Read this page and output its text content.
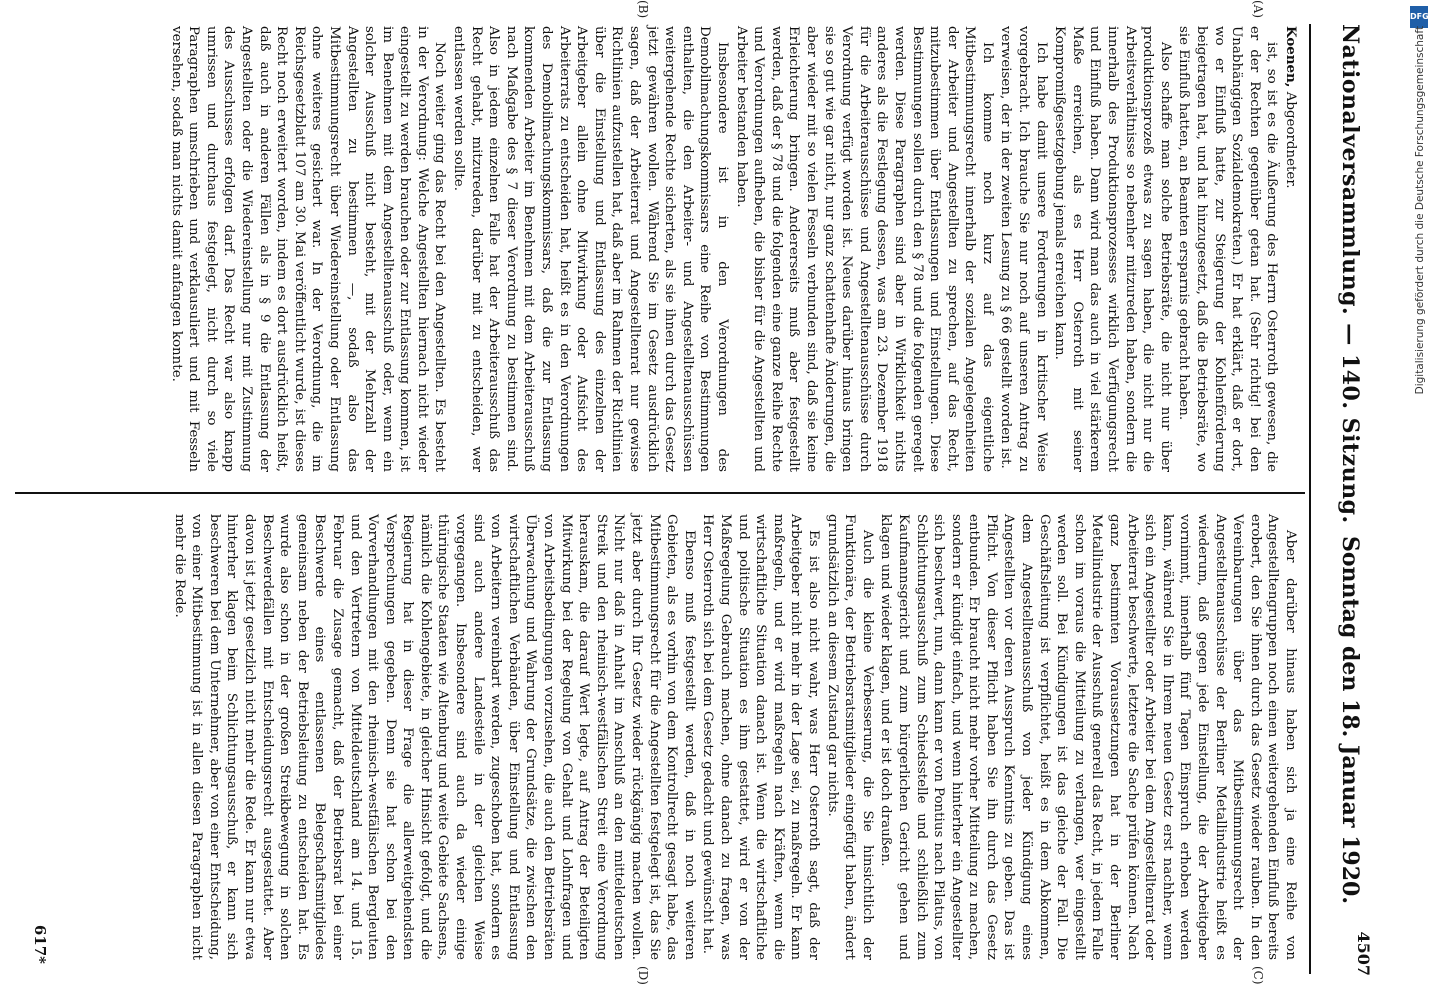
DFG
Digitalisierung gefördert durch die Deutsche Forschungsgemeinschaft
Nationalversammlung. — 140. Sitzung.
Sonntag den 18. Januar 1920.
4507
(A)
(B)
(C)
(D)

Koenen, Abgeordneter.

ist, so ist es die Äußerung des Herrn Osterroth gewesen, die er der Rechten gegenüber getan hat. (Sehr richtig! bei den Unabhängigen Sozialdemokraten.) Er hat erklärt, daß er dort, wo er Einfluß hatte, zur Steigerung der Kohlenförderung beigetragen hat, und hat hinzugesetzt, daß die Betriebsräte, wo sie Einfluß hatten, an Beamten ersparnis gebracht haben.

Also schaffe man solche Betriebsräte, die nicht nur über produktionsprozeß etwas zu sagen haben, die nicht nur die Arbeitsverhältnisse so nebenher mitzureden haben, sondern die innerhalb des Produktionsprozesses wirklich Verfügungsrecht und Einfluß haben. Dann wird man das auch in viel stärkerem Maße erreichen, als es Herr Osterroth mit seiner Kompromißgesetzgebung jemals erreichen kann.

Ich habe damit unsere Forderungen in kritischer Weise vorgebracht. Ich brauche Sie nur noch auf unseren Antrag zu verweisen, der in der zweiten Lesung zu § 66 gestellt worden ist.

Ich komme noch kurz auf das eigentliche Mitbestimmungsrecht innerhalb der sozialen Angelegenheiten der Arbeiter und Angestellten zu sprechen, auf das Recht, mitzubestimmen über Entlassungen und Einstellungen. Diese Bestimmungen sollen durch den § 78 und die folgenden geregelt werden. Diese Paragraphen sind aber in Wirklichkeit nichts anderes als die Festlegung dessen, was am 23. Dezember 1918 für die Arbeiterausschüsse und Angestelltenausschüsse durch Verordnung verfügt worden ist. Neues darüber hinaus bringen sie so gut wie gar nicht, nur ganz schattenhafte Änderungen, die aber wieder mit so vielen Fesseln verbunden sind, daß sie keine Erleichterung bringen. Andererseits muß aber festgestellt werden, daß der § 78 und die folgenden eine ganze Reihe Rechte und Verordnungen aufheben, die bisher für die Angestellten und Arbeiter bestanden haben.

Insbesondere ist in den Verordnungen des Demobilmachungskommissars eine Reihe von Bestimmungen enthalten, die den Arbeiter- und Angestelltenausschüssen weitergehende Rechte sicherten, als sie ihnen durch das Gesetz jetzt gewähren wollen. Während Sie im Gesetz ausdrücklich sagen, daß der Arbeiterrat und Angestelltenrat nur gewisse Richtlinien aufzustellen hat, daß aber im Rahmen der Richtlinien über die Einstellung und Entlassung des einzelnen der Arbeitgeber allein ohne Mitwirkung oder Aufsicht des Arbeiterrats zu entscheiden hat, heißt es in den Verordnungen des Demobilmachungskommissars, daß die zur Entlassung kommenden Arbeiter im Benehmen mit dem Arbeiterausschuß nach Maßgabe des § 7 dieser Verordnung zu bestimmen sind. Also in jedem einzelnen Falle hat der Arbeiterausschuß das Recht gehabt, mitzureden, darüber mit zu entscheiden, wer entlassen werden sollte.

Noch weiter ging das Recht bei den Angestellten. Es besteht in der Verordnung: Welche Angestellten hiernach nicht wieder eingestellt zu werden brauchen oder zur Entlassung kommen, ist im Benehmen mit dem Angestelltenausschuß oder, wenn ein solcher Ausschuß nicht besteht, mit der Mehrzahl der Angestellten zu bestimmen —, sodaß also das Mitbestimmungsrecht über Wiedereinstellung oder Entlassung ohne weiteres gesichert war. In der Verordnung, die im Reichsgesetzblatt 107 am 30. Mai veröffentlicht wurde, ist dieses Recht noch erweitert worden, indem es dort ausdrücklich heißt, daß auch in anderen Fällen als in § 9 die Entlassung der Angestellten oder die Wiedereinstellung nur mit Zustimmung des Ausschusses erfolgen darf. Das Recht war also knapp umrissen und durchaus festgelegt, nicht durch so viele Paragraphen umschrieben und verklausuliert und mit Fesseln versehen, sodaß man nichts damit anfangen konnte.

Aber darüber hinaus haben sich ja eine Reihe von Angestelltengruppen noch einen weitergehenden Einfluß bereits erobert, den Sie ihnen durch das Gesetz wieder rauben. In den Vereinbarungen über das Mitbestimmungsrecht der Angestelltenausschüsse der Berliner Metallindustrie heißt es wiederum, daß gegen jede Einstellung, die der Arbeitgeber vornimmt, innerhalb fünf Tagen Einspruch erhoben werden kann, während Sie in Ihrem neuen Gesetz erst nachher, wenn sich ein Angestellter oder Arbeiter bei dem Angestelltenrat oder Arbeiterrat beschwerte, letztere die Sache prüfen können. Nach ganz bestimmten Voraussetzungen hat in der Berliner Metallindustrie der Ausschuß generell das Recht, in jedem Falle schon im voraus die Mitteilung zu verlangen, wer eingestellt werden soll. Bei Kündigungen ist das gleiche der Fall. Die Geschäftsleitung ist verpflichtet, heißt es in dem Abkommen, dem Angestelltenausschuß von jeder Kündigung eines Angestellten vor deren Ausspruch Kenntnis zu geben. Das ist Pflicht. Von dieser Pflicht haben Sie ihn durch das Gesetz entbunden. Er braucht nicht mehr vorher Mitteilung zu machen, sondern er kündigt einfach, und wenn hinterher ein Angestellter sich beschwert, nun, dann kann er von Pontius nach Pilatus, von Schlichtungsausschuß zum Schiedsstelle und schließlich zum Kaufmannsgericht und zum bürgerlichen Gericht gehen und klagen und wieder klagen, und er ist doch draußen.

Auch die kleine Verbesserung, die Sie hinsichtlich der Funktionäre, der Betriebsratsmitglieder eingefügt haben, ändert grundsätzlich an diesem Zustand gar nichts.

Es ist also nicht wahr, was Herr Osterroth sagt, daß der Arbeitgeber nicht mehr in der Lage sei, zu maßregeln. Er kann maßregeln, und er wird maßregeln nach Kräften, wenn die wirtschaftliche Situation danach ist. Wenn die wirtschaftliche und politische Situation es ihm gestattet, wird er von der Maßregelung Gebrauch machen, ohne danach zu fragen, was Herr Osterroth sich bei dem Gesetz gedacht und gewünscht hat.

Ebenso muß festgestellt werden, daß in noch weiteren Gebieten, als es vorhin von dem Kontrollrecht gesagt habe, das Mitbestimmungsrecht für die Angestellten festgelegt ist, das Sie jetzt aber durch Ihr Gesetz wieder rückgängig machen wollen. Nicht nur daß in Anhalt im Anschluß an den mitteldeutschen Streik und den rheinisch-westfälischen Streit eine Verordnung herauskam, die darauf Wert legte, auf Antrag der Beteiligten Mitwirkung bei der Regelung von Gehalt und Lohnfragen und von Arbeitsbedingungen vorzusehen, die auch den Betriebsräten Überwachung und Wahrung der Grundsätze, die zwischen den wirtschaftlichen Verbänden, über Einstellung und Entlassung von Arbeitern vereinbart werden, zugeschoben hat, sondern es sind auch andere Landesteile in der gleichen Weise vorgegangen. Insbesondere sind auch da wieder einige thüringische Staaten wie Altenburg und weite Gebiete Sachsens, nämlich die Kohlengebiete, in gleicher Hinsicht gefolgt, und die Regierung hat in dieser Frage die allerweitgehendsten Versprechungen gegeben. Denn sie hat schon bei den Vorverhandlungen mit den rheinisch-westfälischen Bergleuten und den Vertretern von Mitteldeutschland am 14. und 15. Februar die Zusage gemacht, daß der Betriebsrat bei einer Beschwerde eines entlassenen Belegschaftsmitgliedes gemeinsam neben der Betriebsleitung zu entscheiden hat. Es wurde also schon in der großen Streikbewegung in solchen Beschwerdefällen mit Entscheidungsrecht ausgestattet. Aber davon ist jetzt gesetzlich nicht mehr die Rede. Er kann nur etwa hinterher klagen beim Schlichtungsausschuß, er kann sich beschweren bei dem Unternehmer, aber von einer Entscheidung, von einer Mitbestimmung ist in allen diesen Paragraphen nicht mehr die Rede.

617*
